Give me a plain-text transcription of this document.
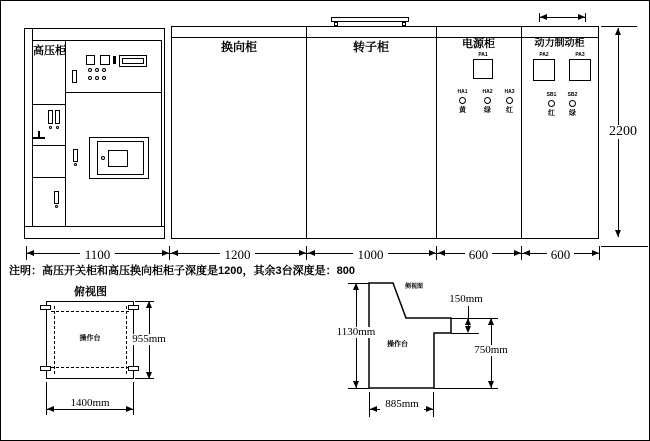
高压柜	换向柜	转子柜	电源柜	动力制动柜
PA1
HA1	HA2	HA3
黄	绿	红
PA2	PA3
SB1	SB2
红	绿
2200
1100	1200	1000	600	600
注明：高压开关柜和高压换向柜柜子深度是1200，其余3台深度是：800
俯视图
操作台	955mm
1400mm
侧视图
操作台
1130mm
150mm
750mm
885mm
